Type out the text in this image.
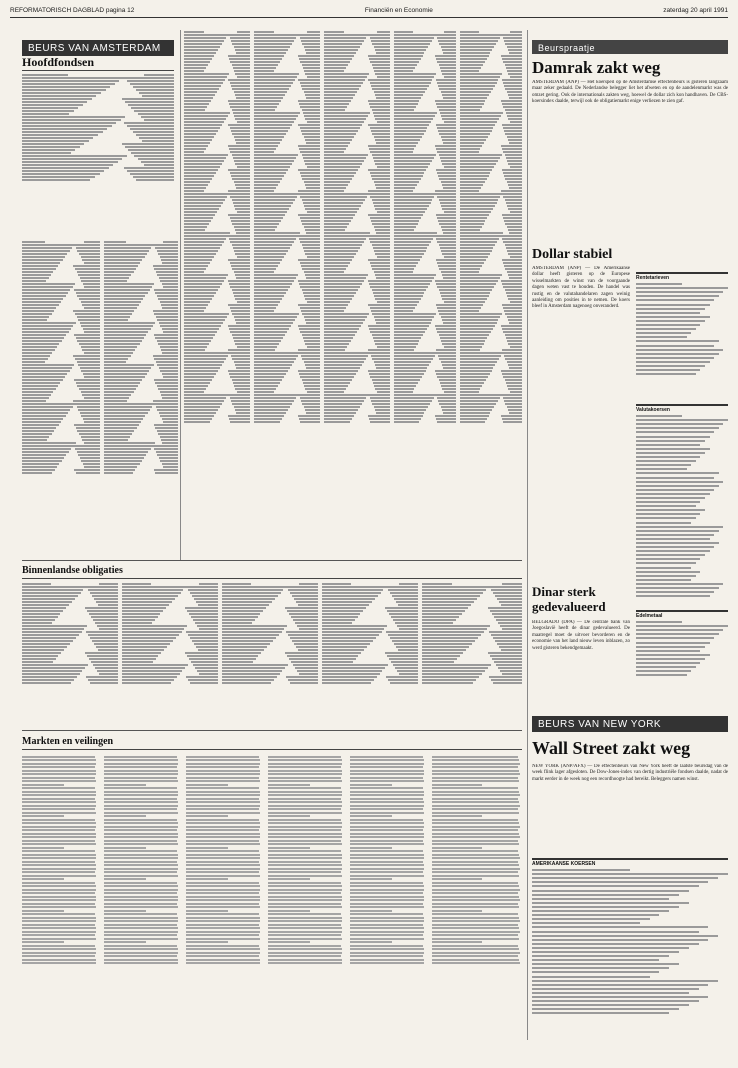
REFORMATORISCH DAGBLAD pagina 12	Financiën en Economie	zaterdag 20 april 1991
BEURS VAN AMSTERDAM
Hoofdfondsen
Binnenlandse obligaties
Markten en veilingen
Beurspraatje
Damrak zakt weg

AMSTERDAM (ANP) — Het koerspeil op de Amsterdamse effectenbeurs is gisteren langzaam maar zeker gedaald. De Nederlandse belegger liet het afweten en op de aandelenmarkt was de omzet gering. Ook de internationals zakten weg, hoewel de dollar zich kon handhaven. De CBS-koersindex daalde, terwijl ook de obligatiemarkt enige verliezen te zien gaf.

Dollar stabiel

AMSTERDAM (ANP) — De Amerikaanse dollar heeft gisteren op de Europese wisselmarkten de winst van de voorgaande dagen weten vast te houden. De handel was rustig en de valutahandelaren zagen weinig aanleiding om posities in te nemen. De koers bleef in Amsterdam nagenoeg onveranderd.

Rentetarieven
Valutakoersen
Edelmetaal
Dinar sterk gedevalueerd

BELGRADO (DPA) — De centrale bank van Joegoslavië heeft de dinar gedevalueerd. De maatregel moet de uitvoer bevorderen en de economie van het land nieuw leven inblazen, zo werd gisteren bekendgemaakt.

BEURS VAN NEW YORK
Wall Street zakt weg

NEW YORK (ANP/AFX) — De effectenbeurs van New York heeft de laatste beursdag van de week flink lager afgesloten. De Dow-Jones-index van dertig industriële fondsen daalde, nadat de markt eerder in de week nog een recordhoogte had bereikt. Beleggers namen winst.

AMERIKAANSE KOERSEN
